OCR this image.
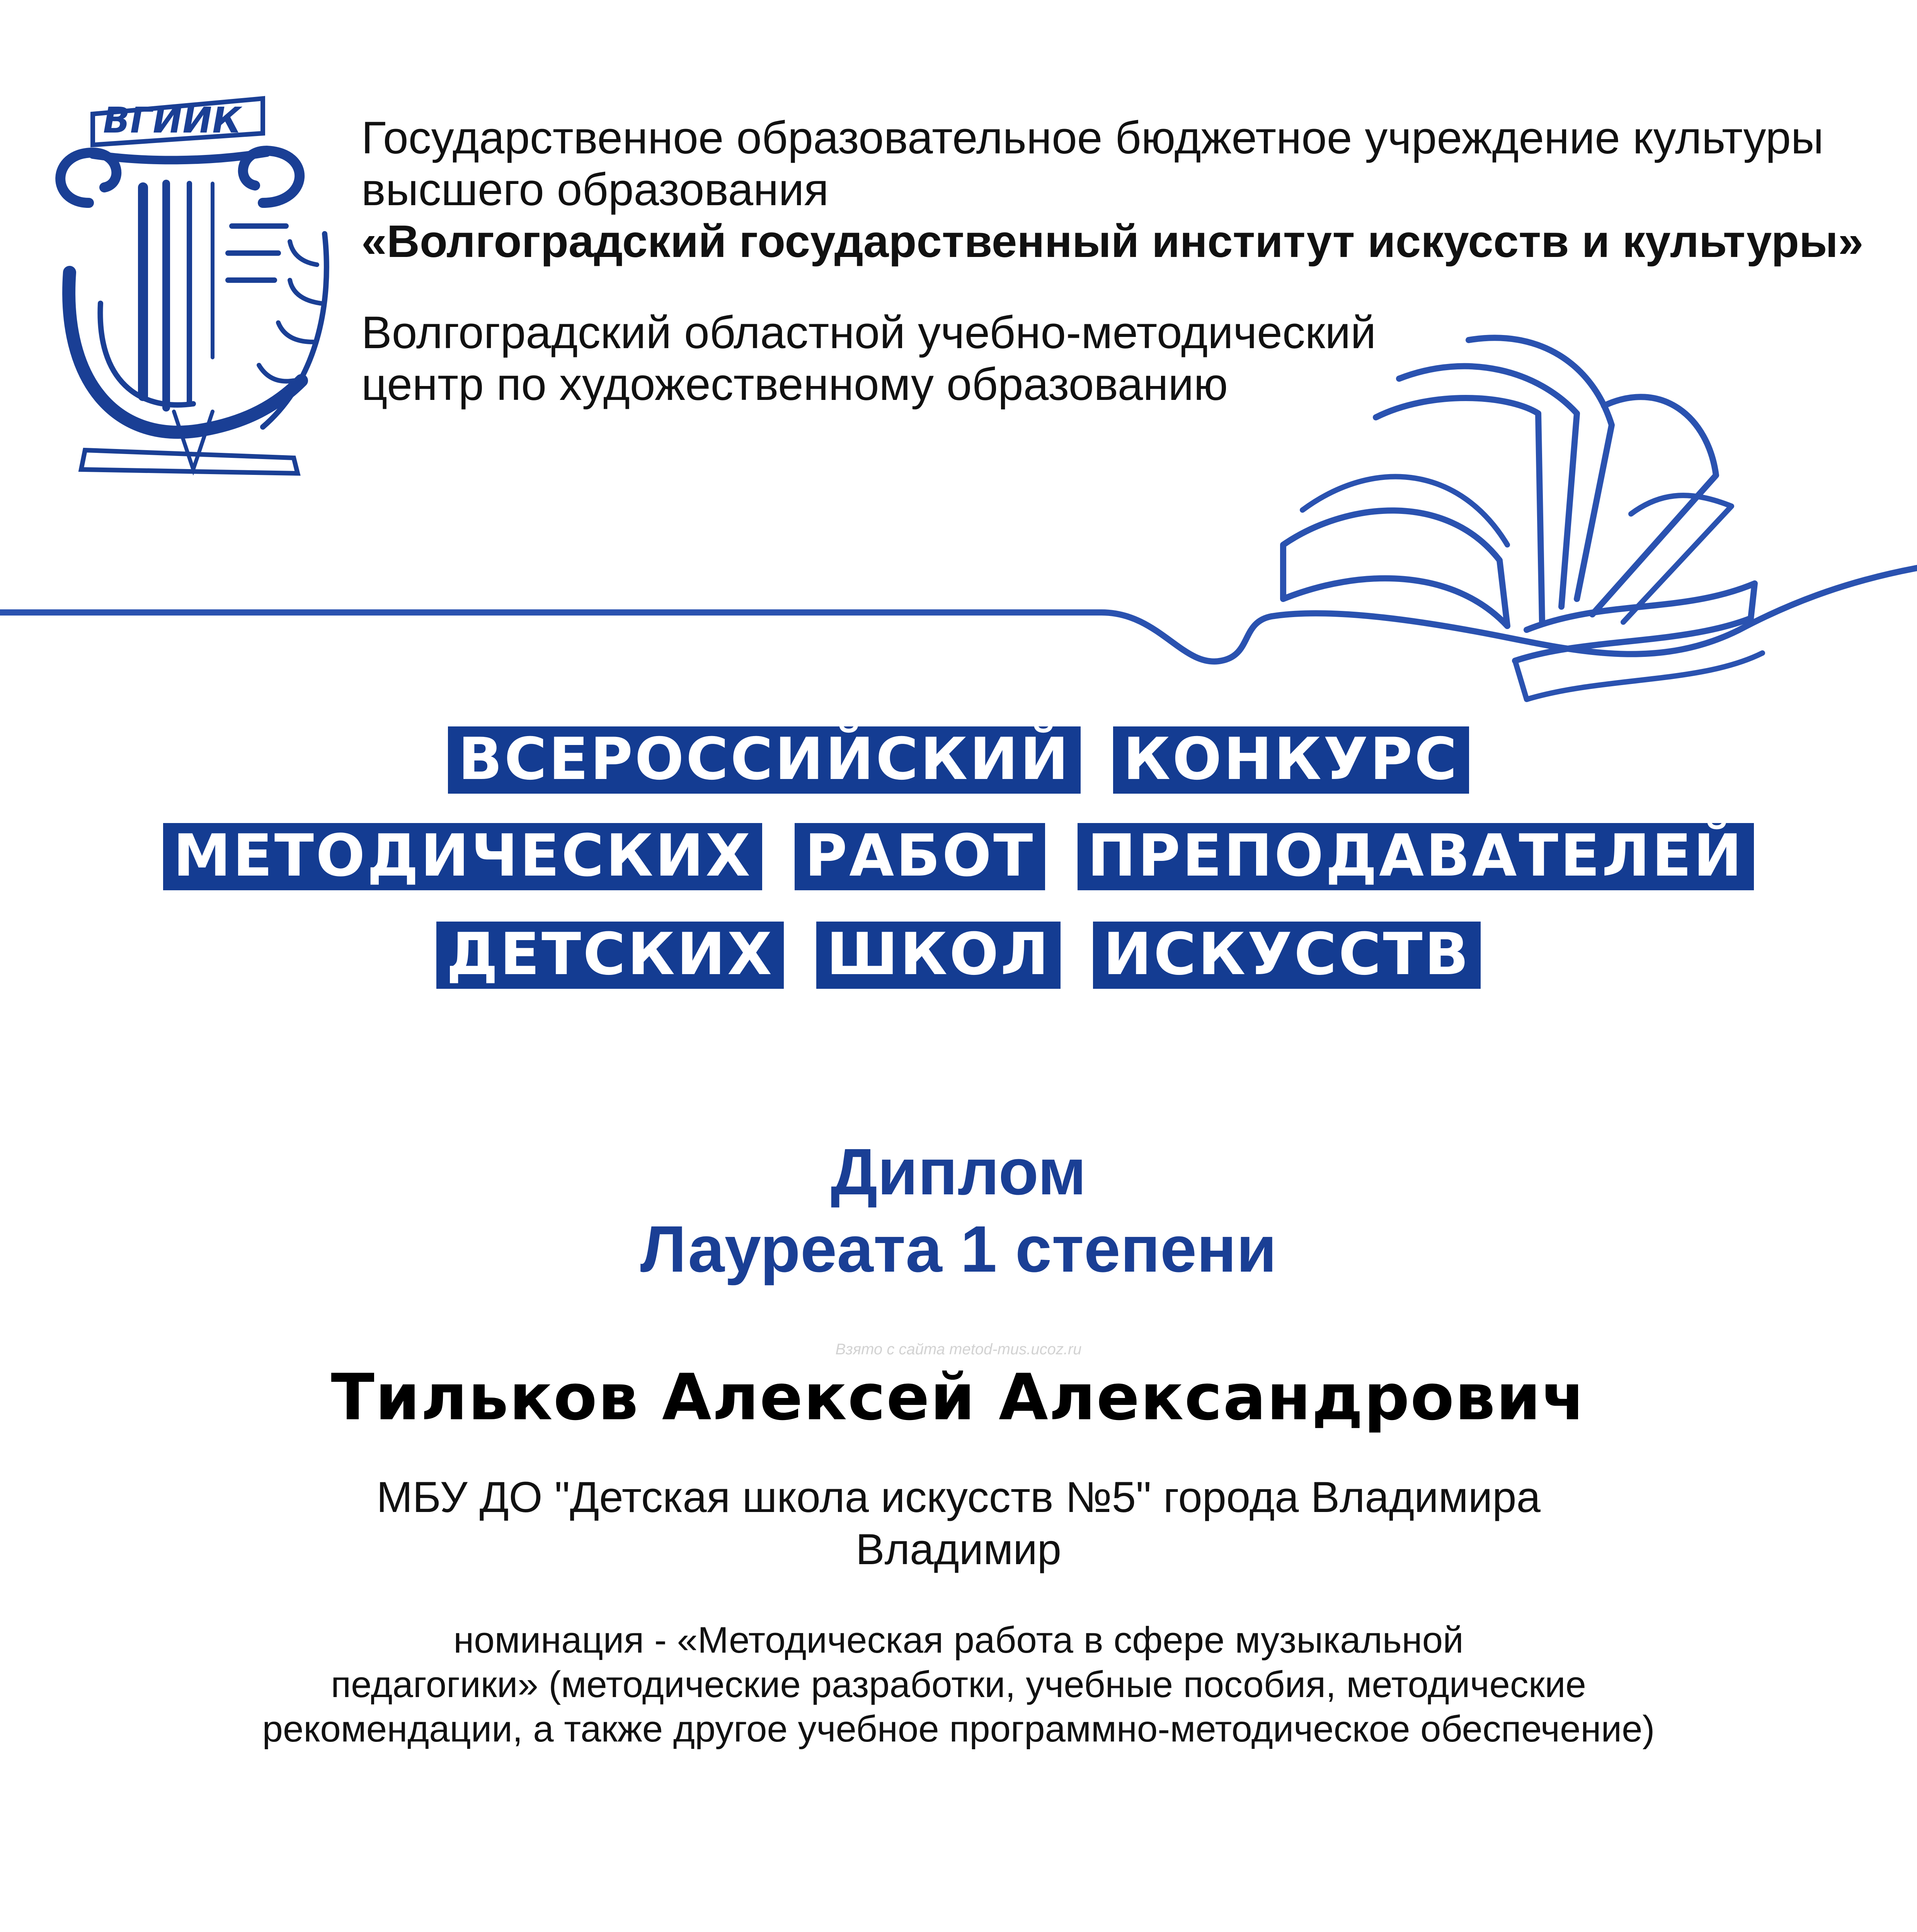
ВГИИК	Государственное образовательное бюджетное учреждение культуры
высшего образования
«Волгоградский государственный институт искусств и культуры»
Волгоградский областной учебно-методический
центр по художественному образованию
ВСЕРОССИЙСКИЙ КОНКУРС
МЕТОДИЧЕСКИХ РАБОТ ПРЕПОДАВАТЕЛЕЙ
ДЕТСКИХ ШКОЛ ИСКУССТВ
Диплом
Лауреата 1 степени
Взято с сайта metod-mus.ucoz.ru
Тильков Алексей Александрович
МБУ ДО "Детская школа искусств №5" города Владимира
Владимир
номинация - «Методическая работа в сфере музыкальной
педагогики» (методические разработки, учебные пособия, методические
рекомендации, а также другое учебное программно-методическое обеспечение)
